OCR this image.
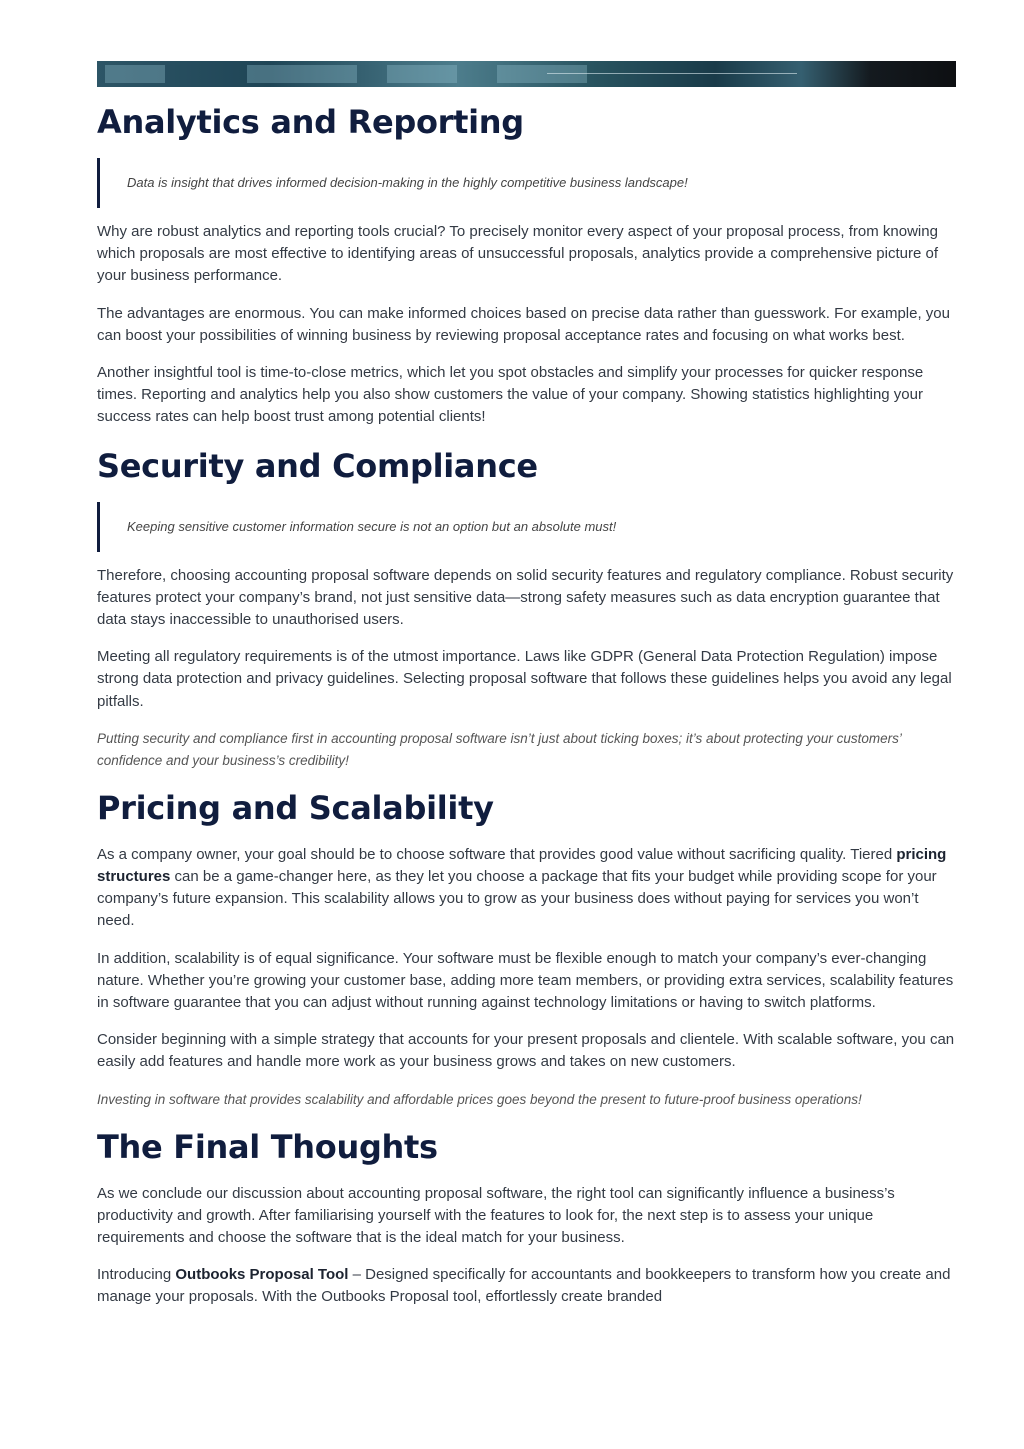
Analytics and Reporting
Data is insight that drives informed decision-making in the highly competitive business landscape!

Why are robust analytics and reporting tools crucial? To precisely monitor every aspect of your proposal process, from knowing which proposals are most effective to identifying areas of unsuccessful proposals, analytics provide a comprehensive picture of your business performance.

The advantages are enormous. You can make informed choices based on precise data rather than guesswork. For example, you can boost your possibilities of winning business by reviewing proposal acceptance rates and focusing on what works best.

Another insightful tool is time-to-close metrics, which let you spot obstacles and simplify your processes for quicker response times. Reporting and analytics help you also show customers the value of your company. Showing statistics highlighting your success rates can help boost trust among potential clients!

Security and Compliance
Keeping sensitive customer information secure is not an option but an absolute must!

Therefore, choosing accounting proposal software depends on solid security features and regulatory compliance. Robust security features protect your company’s brand, not just sensitive data—strong safety measures such as data encryption guarantee that data stays inaccessible to unauthorised users.

Meeting all regulatory requirements is of the utmost importance. Laws like GDPR (General Data Protection Regulation) impose strong data protection and privacy guidelines. Selecting proposal software that follows these guidelines helps you avoid any legal pitfalls.

Putting security and compliance first in accounting proposal software isn’t just about ticking boxes; it’s about protecting your customers’ confidence and your business’s credibility!

Pricing and Scalability

As a company owner, your goal should be to choose software that provides good value without sacrificing quality. Tiered pricing structures can be a game-changer here, as they let you choose a package that fits your budget while providing scope for your company’s future expansion. This scalability allows you to grow as your business does without paying for services you won’t need.

In addition, scalability is of equal significance. Your software must be flexible enough to match your company’s ever-changing nature. Whether you’re growing your customer base, adding more team members, or providing extra services, scalability features in software guarantee that you can adjust without running against technology limitations or having to switch platforms.

Consider beginning with a simple strategy that accounts for your present proposals and clientele. With scalable software, you can easily add features and handle more work as your business grows and takes on new customers.

Investing in software that provides scalability and affordable prices goes beyond the present to future-proof business operations!

The Final Thoughts

As we conclude our discussion about accounting proposal software, the right tool can significantly influence a business’s productivity and growth. After familiarising yourself with the features to look for, the next step is to assess your unique requirements and choose the software that is the ideal match for your business.

Introducing Outbooks Proposal Tool – Designed specifically for accountants and bookkeepers to transform how you create and manage your proposals. With the Outbooks Proposal tool, effortlessly create branded
